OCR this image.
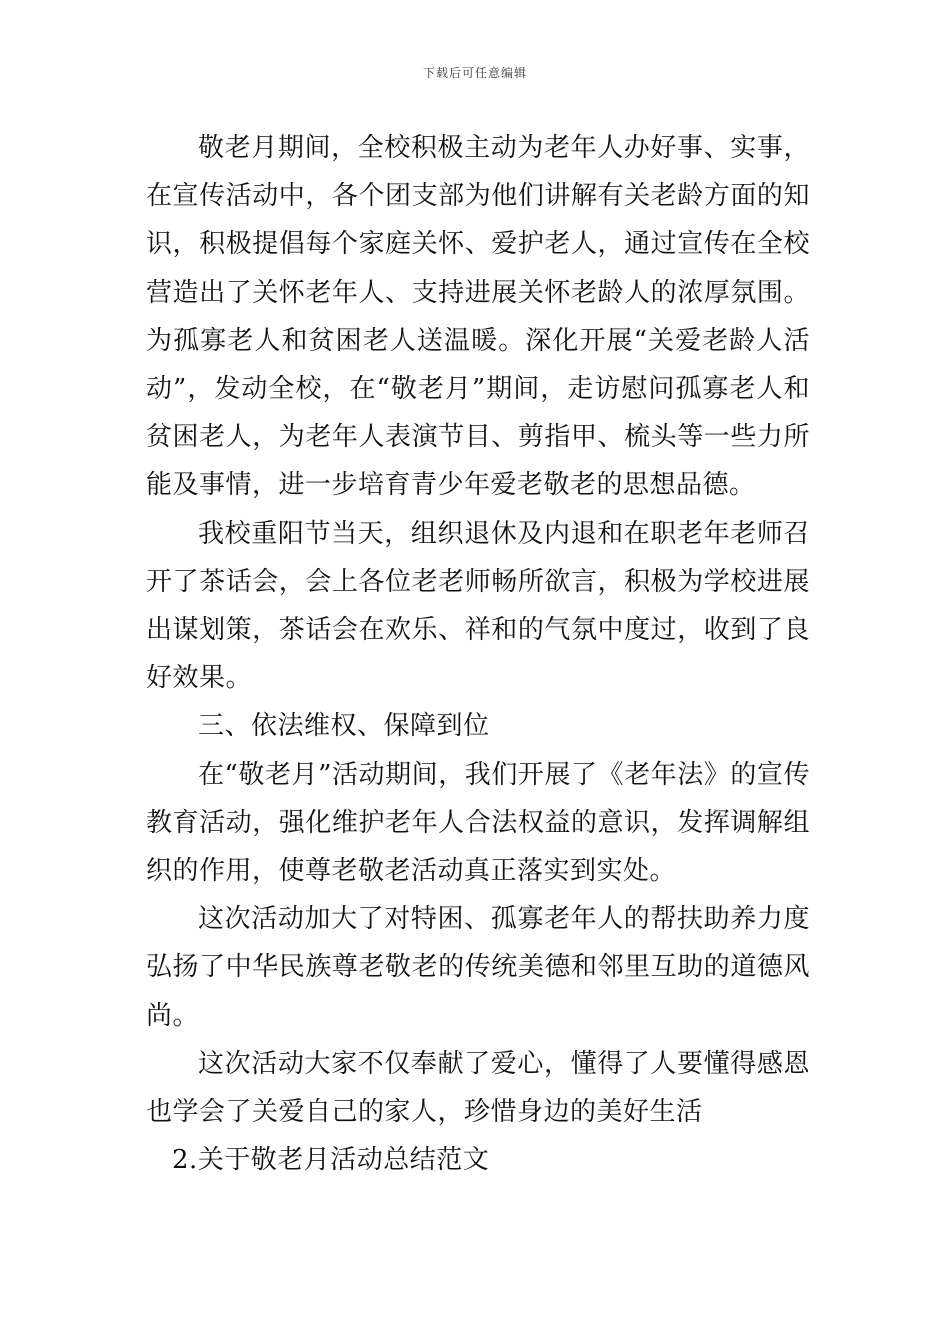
下载后可任意编辑

敬老月期间，全校积极主动为老年人办好事、实事，在宣传活动中，各个团支部为他们讲解有关老龄方面的知识，积极提倡每个家庭关怀、爱护老人，通过宣传在全校营造出了关怀老年人、支持进展关怀老龄人的浓厚氛围。为孤寡老人和贫困老人送温暖。深化开展“关爱老龄人活动”，发动全校，在“敬老月”期间，走访慰问孤寡老人和贫困老人，为老年人表演节目、剪指甲、梳头等一些力所能及事情，进一步培育青少年爱老敬老的思想品德。

我校重阳节当天，组织退休及内退和在职老年老师召开了茶话会，会上各位老老师畅所欲言，积极为学校进展出谋划策，茶话会在欢乐、祥和的气氛中度过，收到了良好效果。

三、依法维权、保障到位

在“敬老月”活动期间，我们开展了《老年法》的宣传教育活动，强化维护老年人合法权益的意识，发挥调解组织的作用，使尊老敬老活动真正落实到实处。

这次活动加大了对特困、孤寡老年人的帮扶助养力度弘扬了中华民族尊老敬老的传统美德和邻里互助的道德风尚。

这次活动大家不仅奉献了爱心，懂得了人要懂得感恩也学会了关爱自己的家人，珍惜身边的美好生活

2.关于敬老月活动总结范文
